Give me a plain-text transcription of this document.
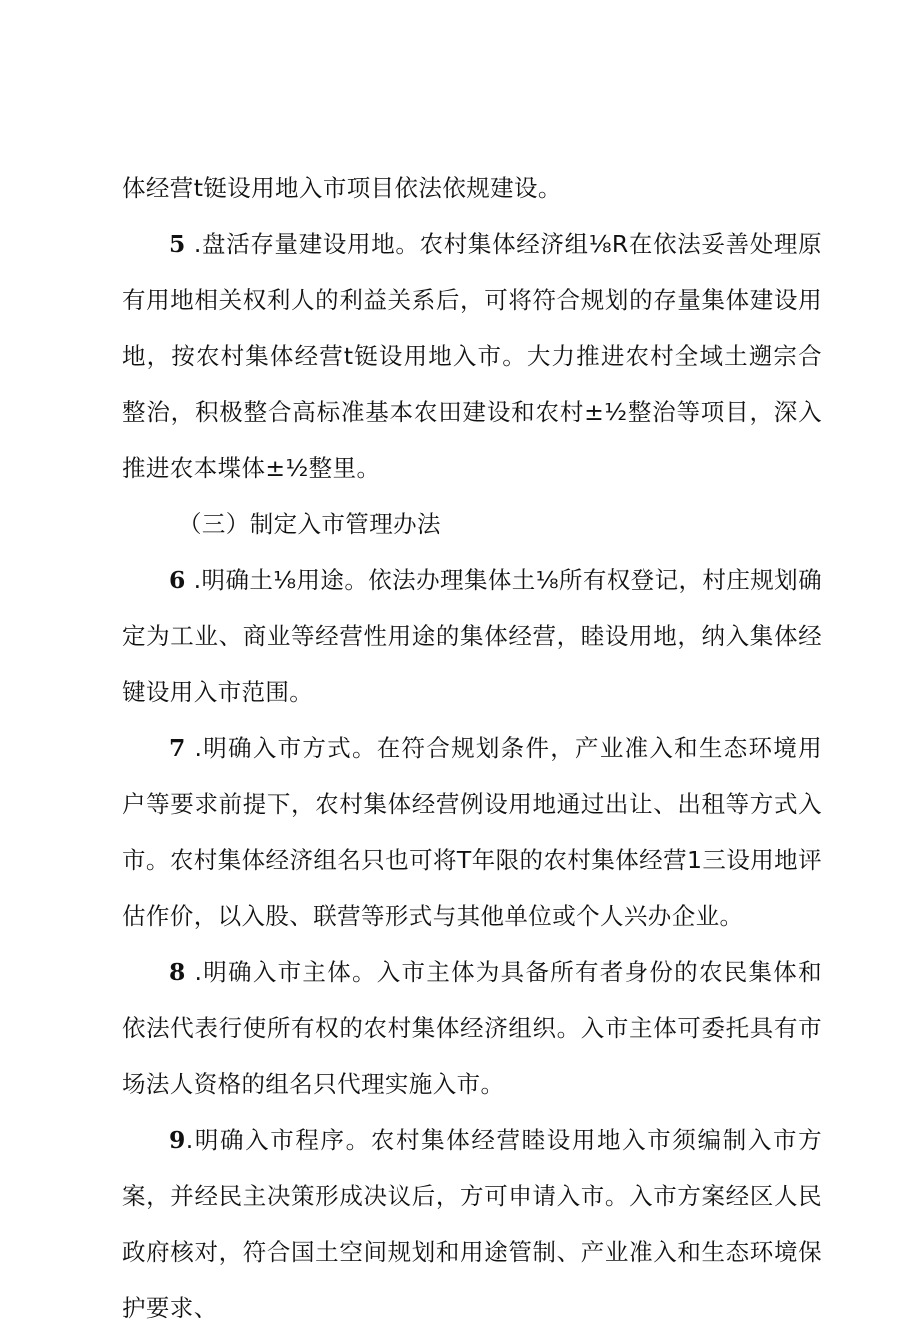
体经营t铤设用地入市项目依法依规建设。

5 .盘活存量建设用地。农村集体经济组⅛R在依法妥善处理原有用地相关权利人的利益关系后，可将符合规划的存量集体建设用地，按农村集体经营t铤设用地入市。大力推进农村全域土遡宗合整治，积极整合高标准基本农田建设和农村±½整治等项目，深入推进农本堞体±½整里。

（三）制定入市管理办法

6 .明确土⅛用途。依法办理集体土⅛所有权登记，村庄规划确定为工业、商业等经营性用途的集体经营，睦设用地，纳入集体经键设用入市范围。

7 .明确入市方式。在符合规划条件，产业准入和生态环境用户等要求前提下，农村集体经营例设用地通过出让、出租等方式入市。农村集体经济组名只也可将T年限的农村集体经营1三设用地评估作价，以入股、联营等形式与其他单位或个人兴办企业。

8 .明确入市主体。入市主体为具备所有者身份的农民集体和依法代表行使所有权的农村集体经济组织。入市主体可委托具有市场法人资格的组名只代理实施入市。

9.明确入市程序。农村集体经营睦设用地入市须编制入市方案，并经民主决策形成决议后，方可申请入市。入市方案经区人民政府核对，符合国土空间规划和用途管制、产业准入和生态环境保护要求、
